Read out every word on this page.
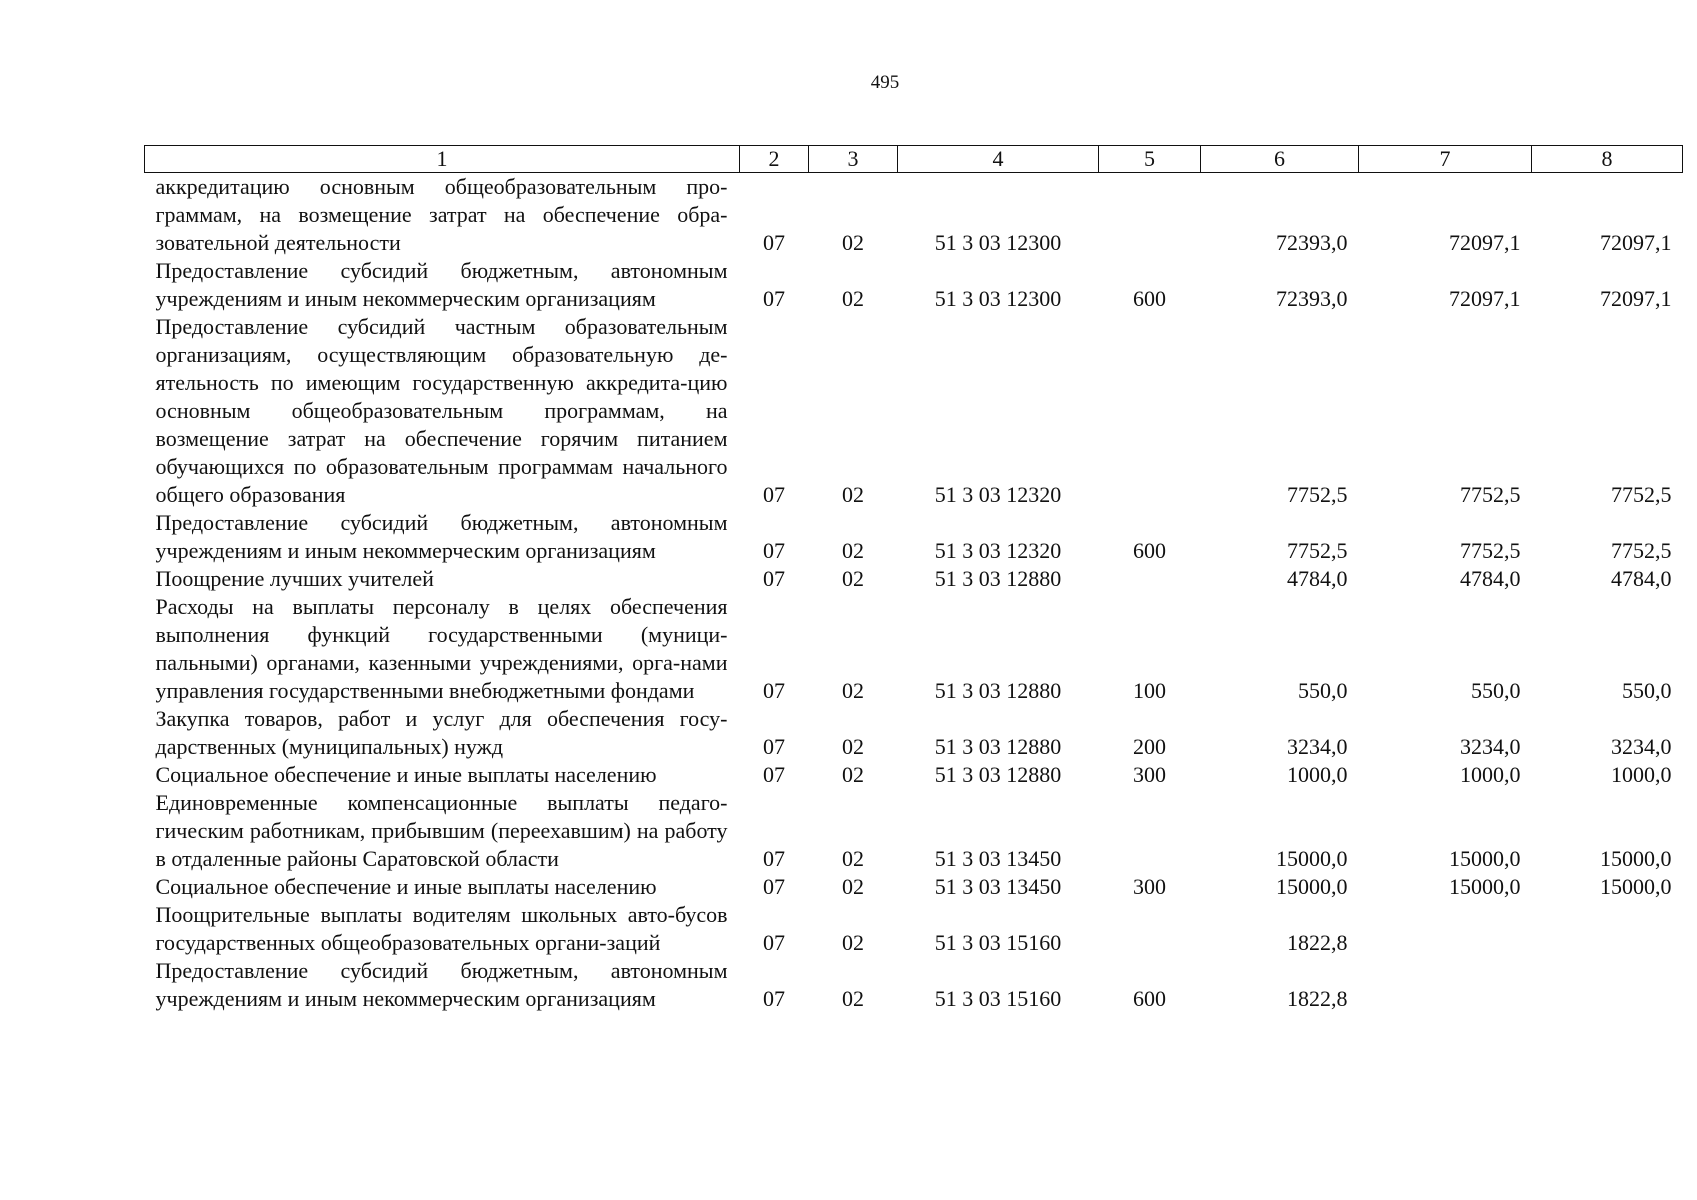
495
1	2	3	4	5	6	7	8
аккредитацию основным общеобразовательным про-граммам, на возмещение затрат на обеспечение обра-зовательной деятельности	07	02	51 3 03 12300		72393,0	72097,1	72097,1
Предоставление субсидий бюджетным, автономным учреждениям и иным некоммерческим организациям	07	02	51 3 03 12300	600	72393,0	72097,1	72097,1
Предоставление субсидий частным образовательным организациям, осуществляющим образовательную де-ятельность по имеющим государственную аккредита-цию основным общеобразовательным программам, на возмещение затрат на обеспечение горячим питанием обучающихся по образовательным программам начального общего образования	07	02	51 3 03 12320		7752,5	7752,5	7752,5
Предоставление субсидий бюджетным, автономным учреждениям и иным некоммерческим организациям	07	02	51 3 03 12320	600	7752,5	7752,5	7752,5
Поощрение лучших учителей	07	02	51 3 03 12880		4784,0	4784,0	4784,0
Расходы на выплаты персоналу в целях обеспечения выполнения функций государственными (муници-пальными) органами, казенными учреждениями, орга-нами управления государственными внебюджетными фондами	07	02	51 3 03 12880	100	550,0	550,0	550,0
Закупка товаров, работ и услуг для обеспечения госу-дарственных (муниципальных) нужд	07	02	51 3 03 12880	200	3234,0	3234,0	3234,0
Социальное обеспечение и иные выплаты населению	07	02	51 3 03 12880	300	1000,0	1000,0	1000,0
Единовременные компенсационные выплаты педаго-гическим работникам, прибывшим (переехавшим) на работу в отдаленные районы Саратовской области	07	02	51 3 03 13450		15000,0	15000,0	15000,0
Социальное обеспечение и иные выплаты населению	07	02	51 3 03 13450	300	15000,0	15000,0	15000,0
Поощрительные выплаты водителям школьных авто-бусов государственных общеобразовательных органи-заций	07	02	51 3 03 15160		1822,8		
Предоставление субсидий бюджетным, автономным учреждениям и иным некоммерческим организациям	07	02	51 3 03 15160	600	1822,8		
